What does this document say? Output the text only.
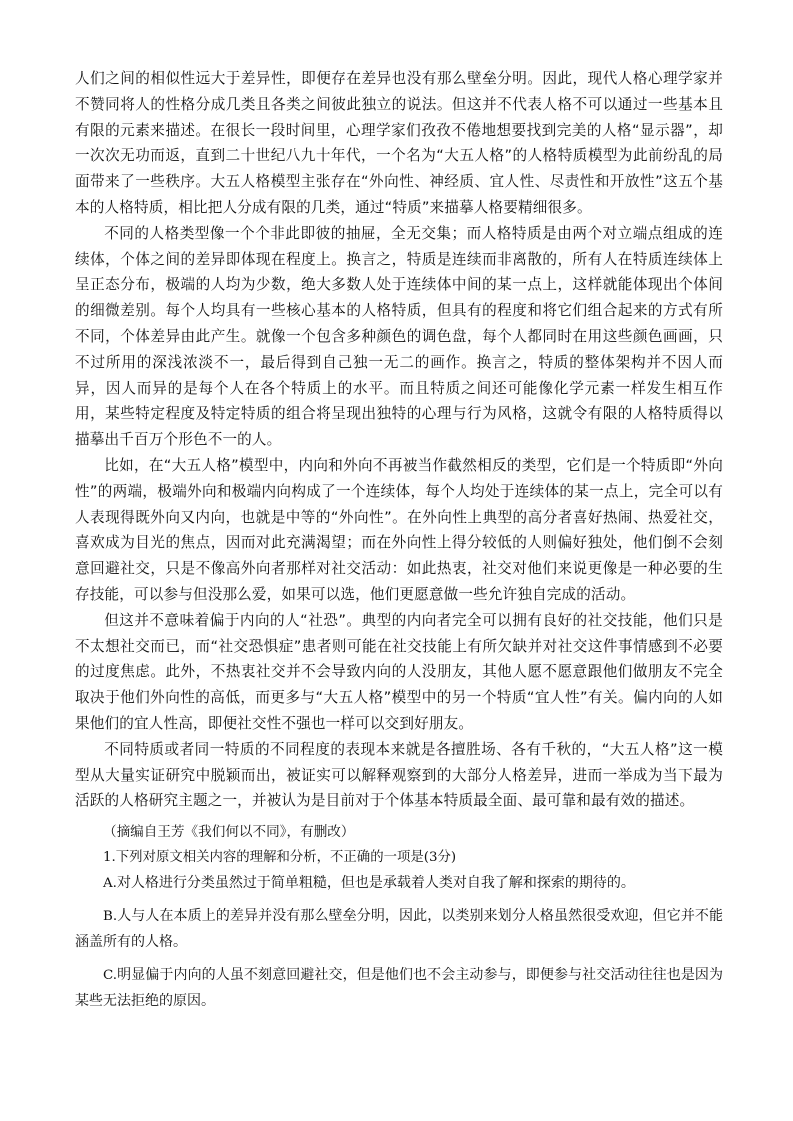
人们之间的相似性远大于差异性，即便存在差异也没有那么壁垒分明。因此，现代人格心理学家并不赞同将人的性格分成几类且各类之间彼此独立的说法。但这并不代表人格不可以通过一些基本且有限的元素来描述。在很长一段时间里，心理学家们孜孜不倦地想要找到完美的人格“显示器”，却一次次无功而返，直到二十世纪八九十年代，一个名为“大五人格”的人格特质模型为此前纷乱的局面带来了一些秩序。大五人格模型主张存在“外向性、神经质、宜人性、尽责性和开放性”这五个基本的人格特质，相比把人分成有限的几类，通过“特质”来描摹人格要精细很多。

不同的人格类型像一个个非此即彼的抽屉，全无交集；而人格特质是由两个对立端点组成的连续体，个体之间的差异即体现在程度上。换言之，特质是连续而非离散的，所有人在特质连续体上呈正态分布，极端的人均为少数，绝大多数人处于连续体中间的某一点上，这样就能体现出个体间的细微差别。每个人均具有一些核心基本的人格特质，但具有的程度和将它们组合起来的方式有所不同，个体差异由此产生。就像一个包含多种颜色的调色盘，每个人都同时在用这些颜色画画，只不过所用的深浅浓淡不一，最后得到自己独一无二的画作。换言之，特质的整体架构并不因人而异，因人而异的是每个人在各个特质上的水平。而且特质之间还可能像化学元素一样发生相互作用，某些特定程度及特定特质的组合将呈现出独特的心理与行为风格，这就令有限的人格特质得以描摹出千百万个形色不一的人。

比如，在“大五人格”模型中，内向和外向不再被当作截然相反的类型，它们是一个特质即“外向性”的两端，极端外向和极端内向构成了一个连续体，每个人均处于连续体的某一点上，完全可以有人表现得既外向又内向，也就是中等的“外向性”。在外向性上典型的高分者喜好热闹、热爱社交，喜欢成为目光的焦点，因而对此充满渴望；而在外向性上得分较低的人则偏好独处，他们倒不会刻意回避社交，只是不像高外向者那样对社交活动：如此热衷，社交对他们来说更像是一种必要的生存技能，可以参与但没那么爱，如果可以选，他们更愿意做一些允许独自完成的活动。

但这并不意味着偏于内向的人“社恐”。典型的内向者完全可以拥有良好的社交技能，他们只是不太想社交而已，而“社交恐惧症”患者则可能在社交技能上有所欠缺并对社交这件事情感到不必要的过度焦虑。此外，不热衷社交并不会导致内向的人没朋友，其他人愿不愿意跟他们做朋友不完全取决于他们外向性的高低，而更多与“大五人格”模型中的另一个特质“宜人性”有关。偏内向的人如果他们的宜人性高，即便社交性不强也一样可以交到好朋友。

不同特质或者同一特质的不同程度的表现本来就是各擅胜场、各有千秋的，“大五人格”这一模型从大量实证研究中脱颖而出，被证实可以解释观察到的大部分人格差异，进而一举成为当下最为活跃的人格研究主题之一，并被认为是目前对于个体基本特质最全面、最可靠和最有效的描述。

（摘编自王芳《我们何以不同》，有删改）

1.下列对原文相关内容的理解和分析，不正确的一项是(3分)

A.对人格进行分类虽然过于简单粗糙，但也是承载着人类对自我了解和探索的期待的。

B.人与人在本质上的差异并没有那么壁垒分明，因此，以类别来划分人格虽然很受欢迎，但它并不能涵盖所有的人格。

C.明显偏于内向的人虽不刻意回避社交，但是他们也不会主动参与，即便参与社交活动往往也是因为某些无法拒绝的原因。
